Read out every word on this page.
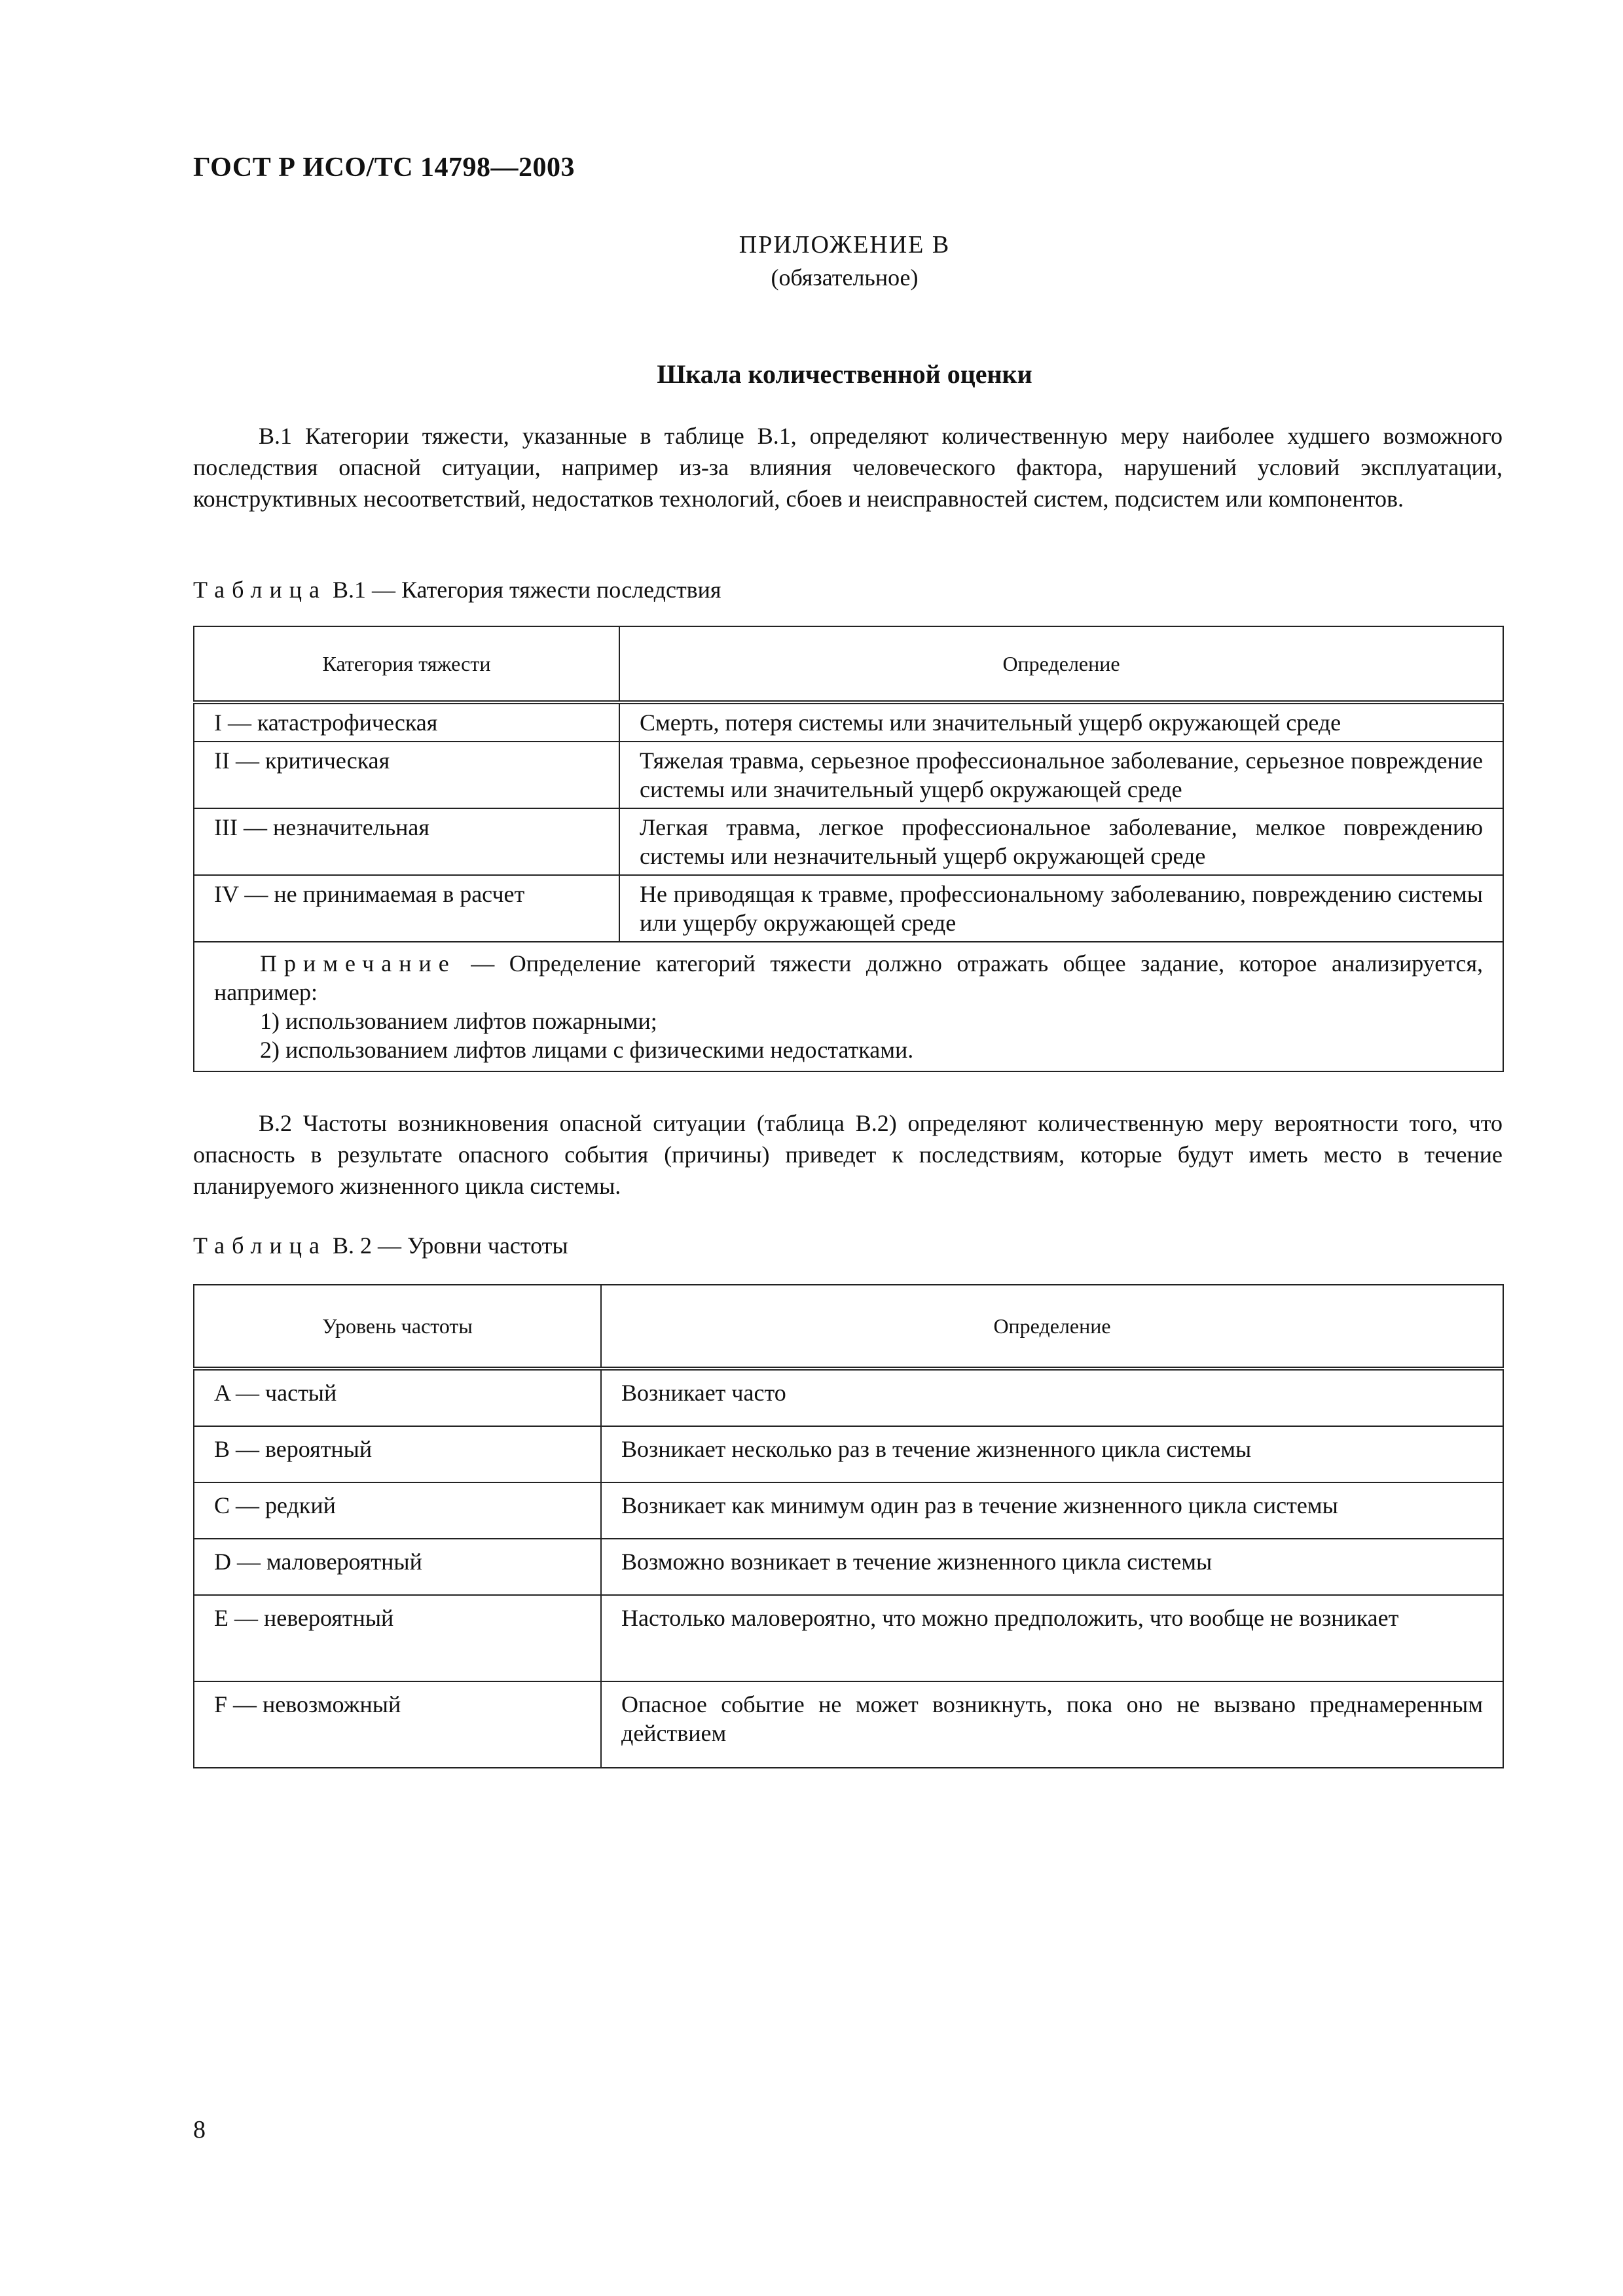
ГОСТ Р ИСО/ТС 14798—2003
ПРИЛОЖЕНИЕ В
(обязательное)
Шкала количественной оценки

В.1 Категории тяжести, указанные в таблице В.1, определяют количественную меру наиболее худшего возможного последствия опасной ситуации, например из-за влияния человеческого фактора, нарушений условий эксплуатации, конструктивных несоответствий, недостатков технологий, сбоев и неисправностей систем, подсистем или компонентов.

Таблица В.1 — Категория тяжести последствия
Категория тяжести	Определение
I — катастрофическая	Смерть, потеря системы или значительный ущерб окружающей среде
II — критическая	Тяжелая травма, серьезное профессиональное заболевание, серьезное повреждение системы или значительный ущерб окружающей среде
III — незначительная	Легкая травма, легкое профессиональное заболевание, мелкое повреждению системы или незначительный ущерб окружающей среде
IV — не принимаемая в расчет	Не приводящая к травме, профессиональному заболеванию, повреждению системы или ущербу окружающей среде

Примечание — Определение категорий тяжести должно отражать общее задание, которое анализируется, например:
1) использованием лифтов пожарными;
2) использованием лифтов лицами с физическими недостатками.	

В.2 Частоты возникновения опасной ситуации (таблица В.2) определяют количественную меру вероятности того, что опасность в результате опасного события (причины) приведет к последствиям, которые будут иметь место в течение планируемого жизненного цикла системы.

Таблица В. 2 — Уровни частоты
Уровень частоты	Определение
A — частый	Возникает часто
B — вероятный	Возникает несколько раз в течение жизненного цикла системы
C — редкий	Возникает как минимум один раз в течение жизненного цикла системы
D — маловероятный	Возможно возникает в течение жизненного цикла системы
E — невероятный	Настолько маловероятно, что можно предположить, что вообще не возникает
F — невозможный	Опасное событие не может возникнуть, пока оно не вызвано преднамеренным действием
8
